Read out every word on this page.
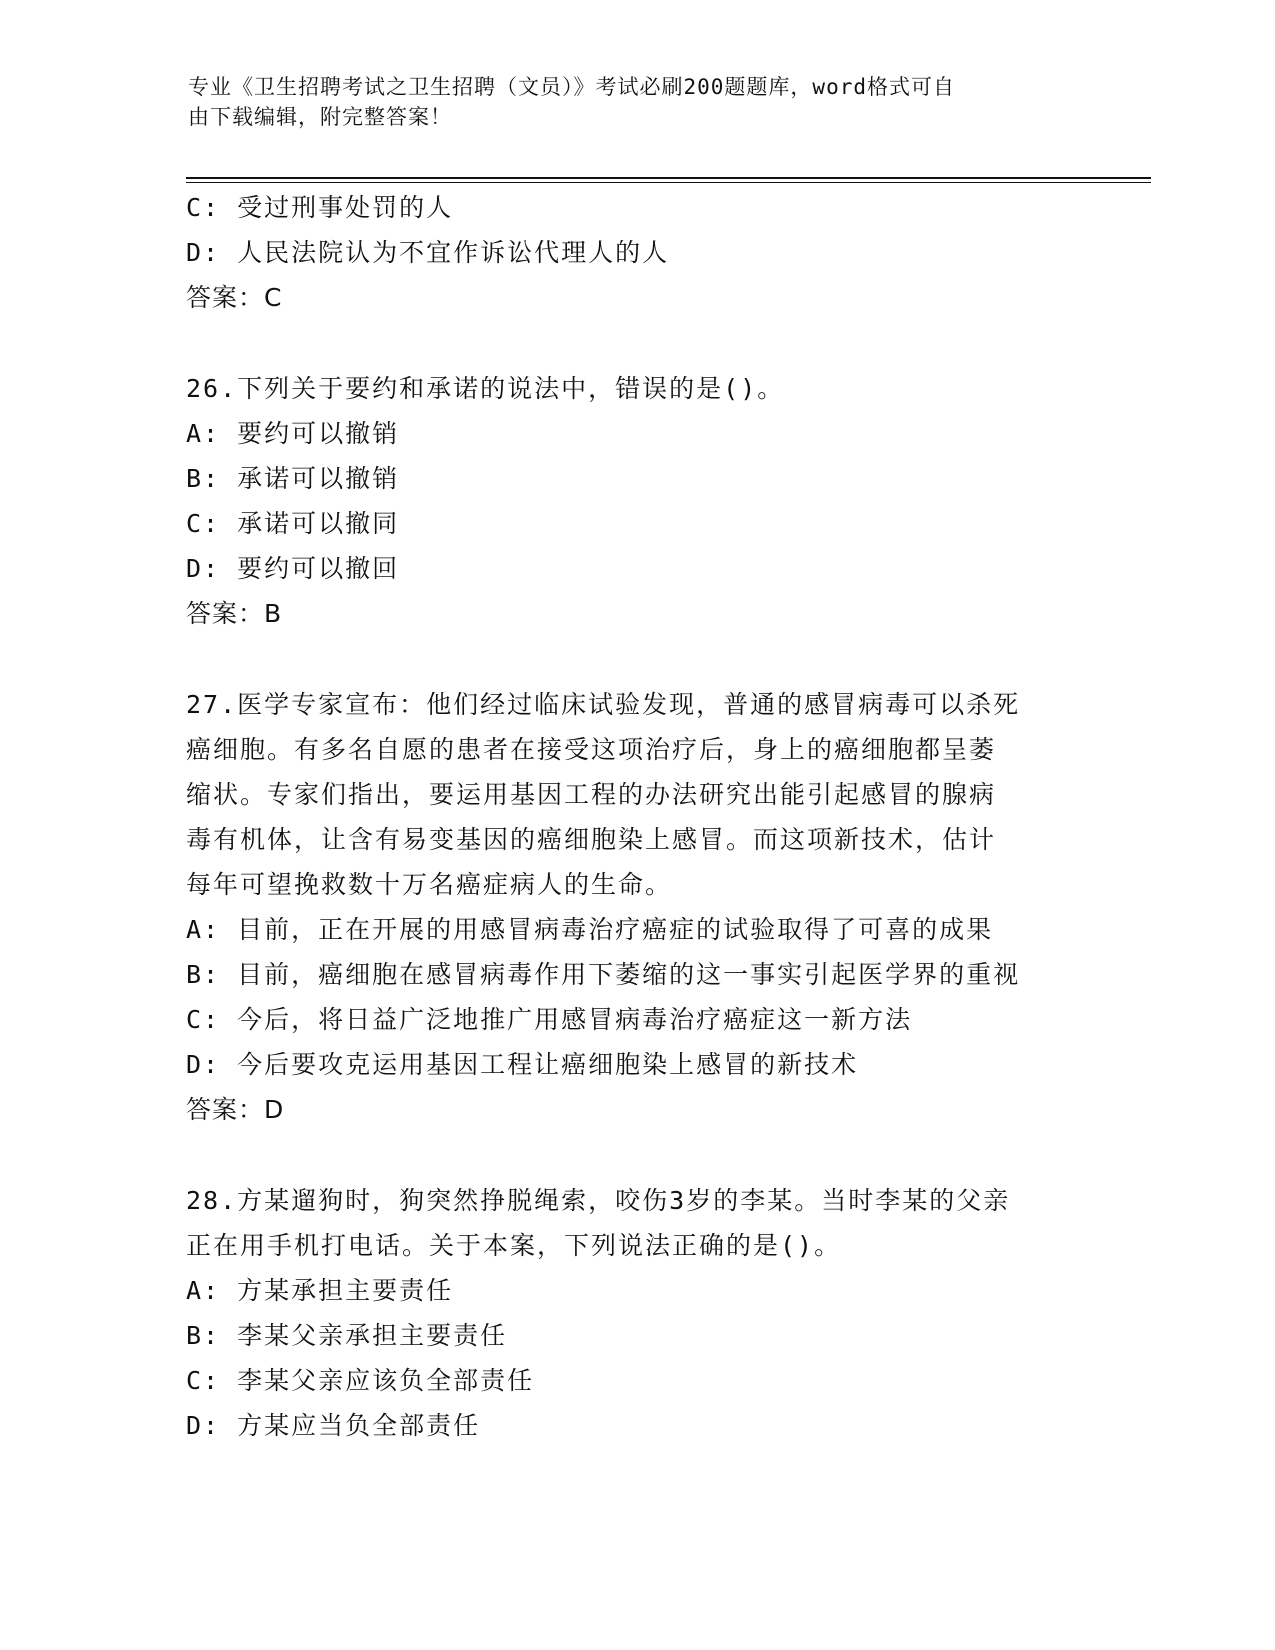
专业《卫生招聘考试之卫生招聘（文员）》考试必刷200题题库，word格式可自
由下载编辑，附完整答案！
C: 受过刑事处罚的人
D: 人民法院认为不宜作诉讼代理人的人
答案：C
26.下列关于要约和承诺的说法中，错误的是()。
A: 要约可以撤销
B: 承诺可以撤销
C: 承诺可以撤同
D: 要约可以撤回
答案：B
27.医学专家宣布：他们经过临床试验发现，普通的感冒病毒可以杀死
癌细胞。有多名自愿的患者在接受这项治疗后，身上的癌细胞都呈萎
缩状。专家们指出，要运用基因工程的办法研究出能引起感冒的腺病
毒有机体，让含有易变基因的癌细胞染上感冒。而这项新技术，估计
每年可望挽救数十万名癌症病人的生命。
A: 目前，正在开展的用感冒病毒治疗癌症的试验取得了可喜的成果
B: 目前，癌细胞在感冒病毒作用下萎缩的这一事实引起医学界的重视
C: 今后，将日益广泛地推广用感冒病毒治疗癌症这一新方法
D: 今后要攻克运用基因工程让癌细胞染上感冒的新技术
答案：D
28.方某遛狗时，狗突然挣脱绳索，咬伤3岁的李某。当时李某的父亲
正在用手机打电话。关于本案，下列说法正确的是()。
A: 方某承担主要责任
B: 李某父亲承担主要责任
C: 李某父亲应该负全部责任
D: 方某应当负全部责任
